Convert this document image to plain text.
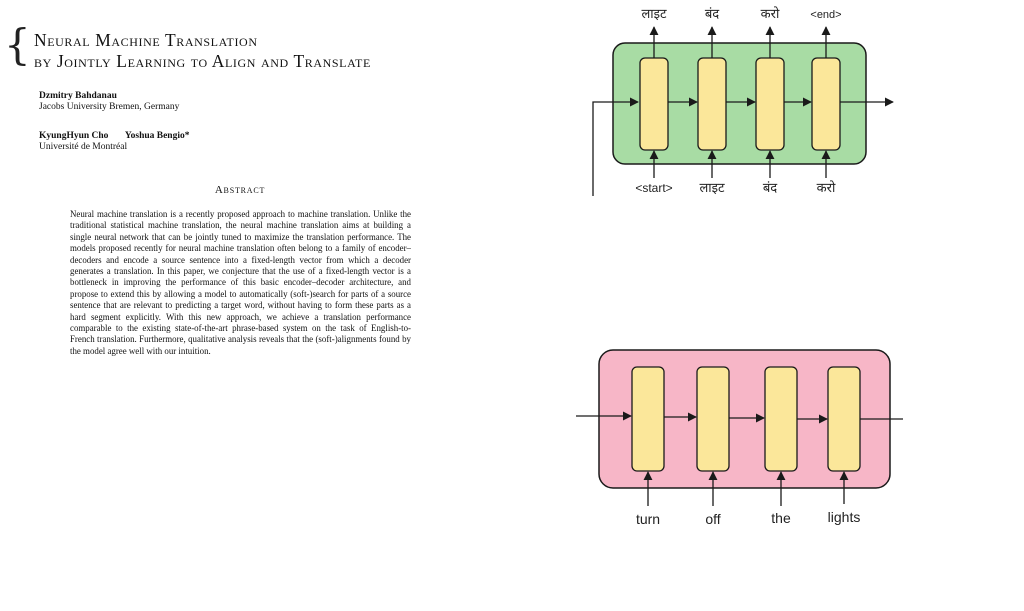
{ Neural Machine Translation
by Jointly Learning to Align and Translate
Dzmitry Bahdanau
Jacobs University Bremen, Germany
KyungHyun Cho Yoshua Bengio*
Université de Montréal
Abstract
Neural machine translation is a recently proposed approach to machine translation. Unlike the traditional statistical machine translation, the neural machine translation aims at building a single neural network that can be jointly tuned to maximize the translation performance. The models proposed recently for neural machine translation often belong to a family of encoder–decoders and encode a source sentence into a fixed-length vector from which a decoder generates a translation. In this paper, we conjecture that the use of a fixed-length vector is a bottleneck in improving the performance of this basic encoder–decoder architecture, and propose to extend this by allowing a model to automatically (soft-)search for parts of a source sentence that are relevant to predicting a target word, without having to form these parts as a hard segment explicitly. With this new approach, we achieve a translation performance comparable to the existing state-of-the-art phrase-based system on the task of English-to-French translation. Furthermore, qualitative analysis reveals that the (soft-)alignments found by the model agree well with our intuition.
लाइट	बंद	करो	<end>
<start> लाइट	बंद	करो
turn	off	the	lights
